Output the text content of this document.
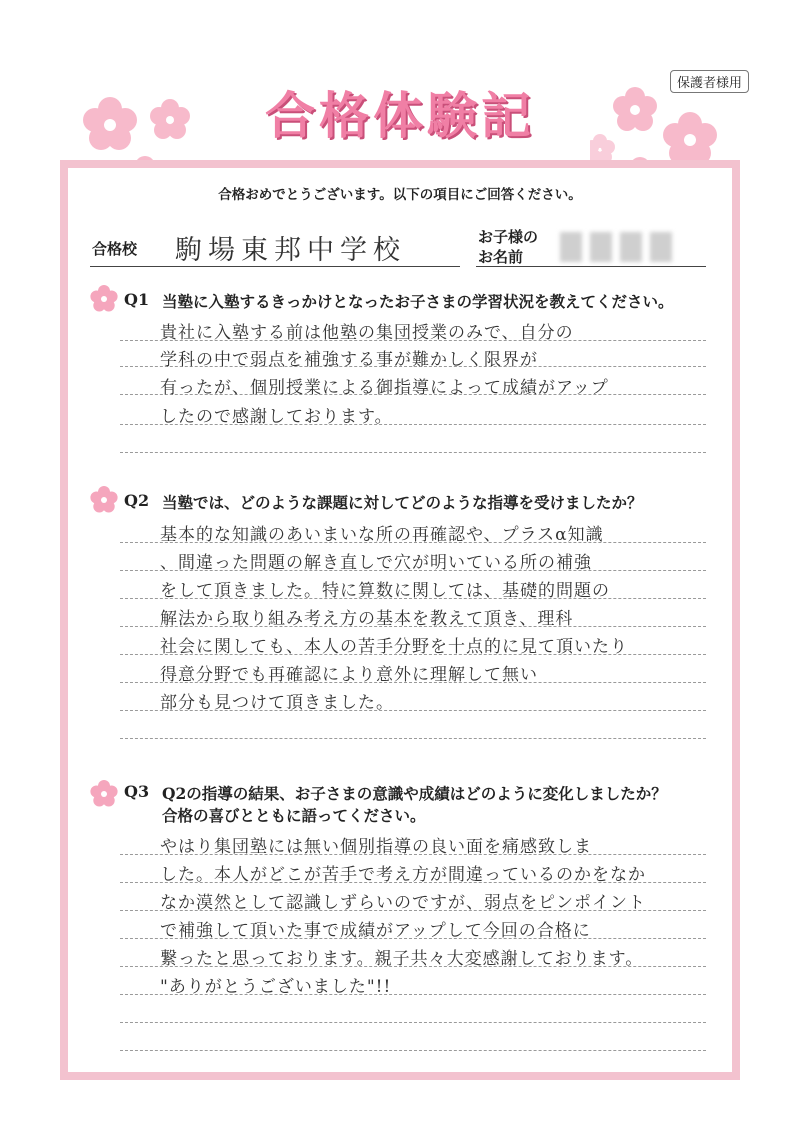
合格体験記
保護者様用
合格おめでとうございます。以下の項目にご回答ください。
合格校 駒場東邦中学校	お子様の
お名前
Q1 当塾に入塾するきっかけとなったお子さまの学習状況を教えてください。
貴社に入塾する前は他塾の集団授業のみで、自分の
学科の中で弱点を補強する事が難かしく限界が
有ったが、個別授業による御指導によって成績がアップ
したので感謝しております。
Q2 当塾では、どのような課題に対してどのような指導を受けましたか？
基本的な知識のあいまいな所の再確認や、プラスα知識
、間違った問題の解き直しで穴が明いている所の補強
をして頂きました。特に算数に関しては、基礎的問題の
解法から取り組み考え方の基本を教えて頂き、理科
社会に関しても、本人の苦手分野を十点的に見て頂いたり
得意分野でも再確認により意外に理解して無い
部分も見つけて頂きました。
Q3 Q2の指導の結果、お子さまの意識や成績はどのように変化しましたか？
合格の喜びとともに語ってください。
やはり集団塾には無い個別指導の良い面を痛感致しま
した。本人がどこが苦手で考え方が間違っているのかをなか
なか漠然として認識しずらいのですが、弱点をピンポイント
で補強して頂いた事で成績がアップして今回の合格に
繋ったと思っております。親子共々大変感謝しております。
"ありがとうございました"!!
